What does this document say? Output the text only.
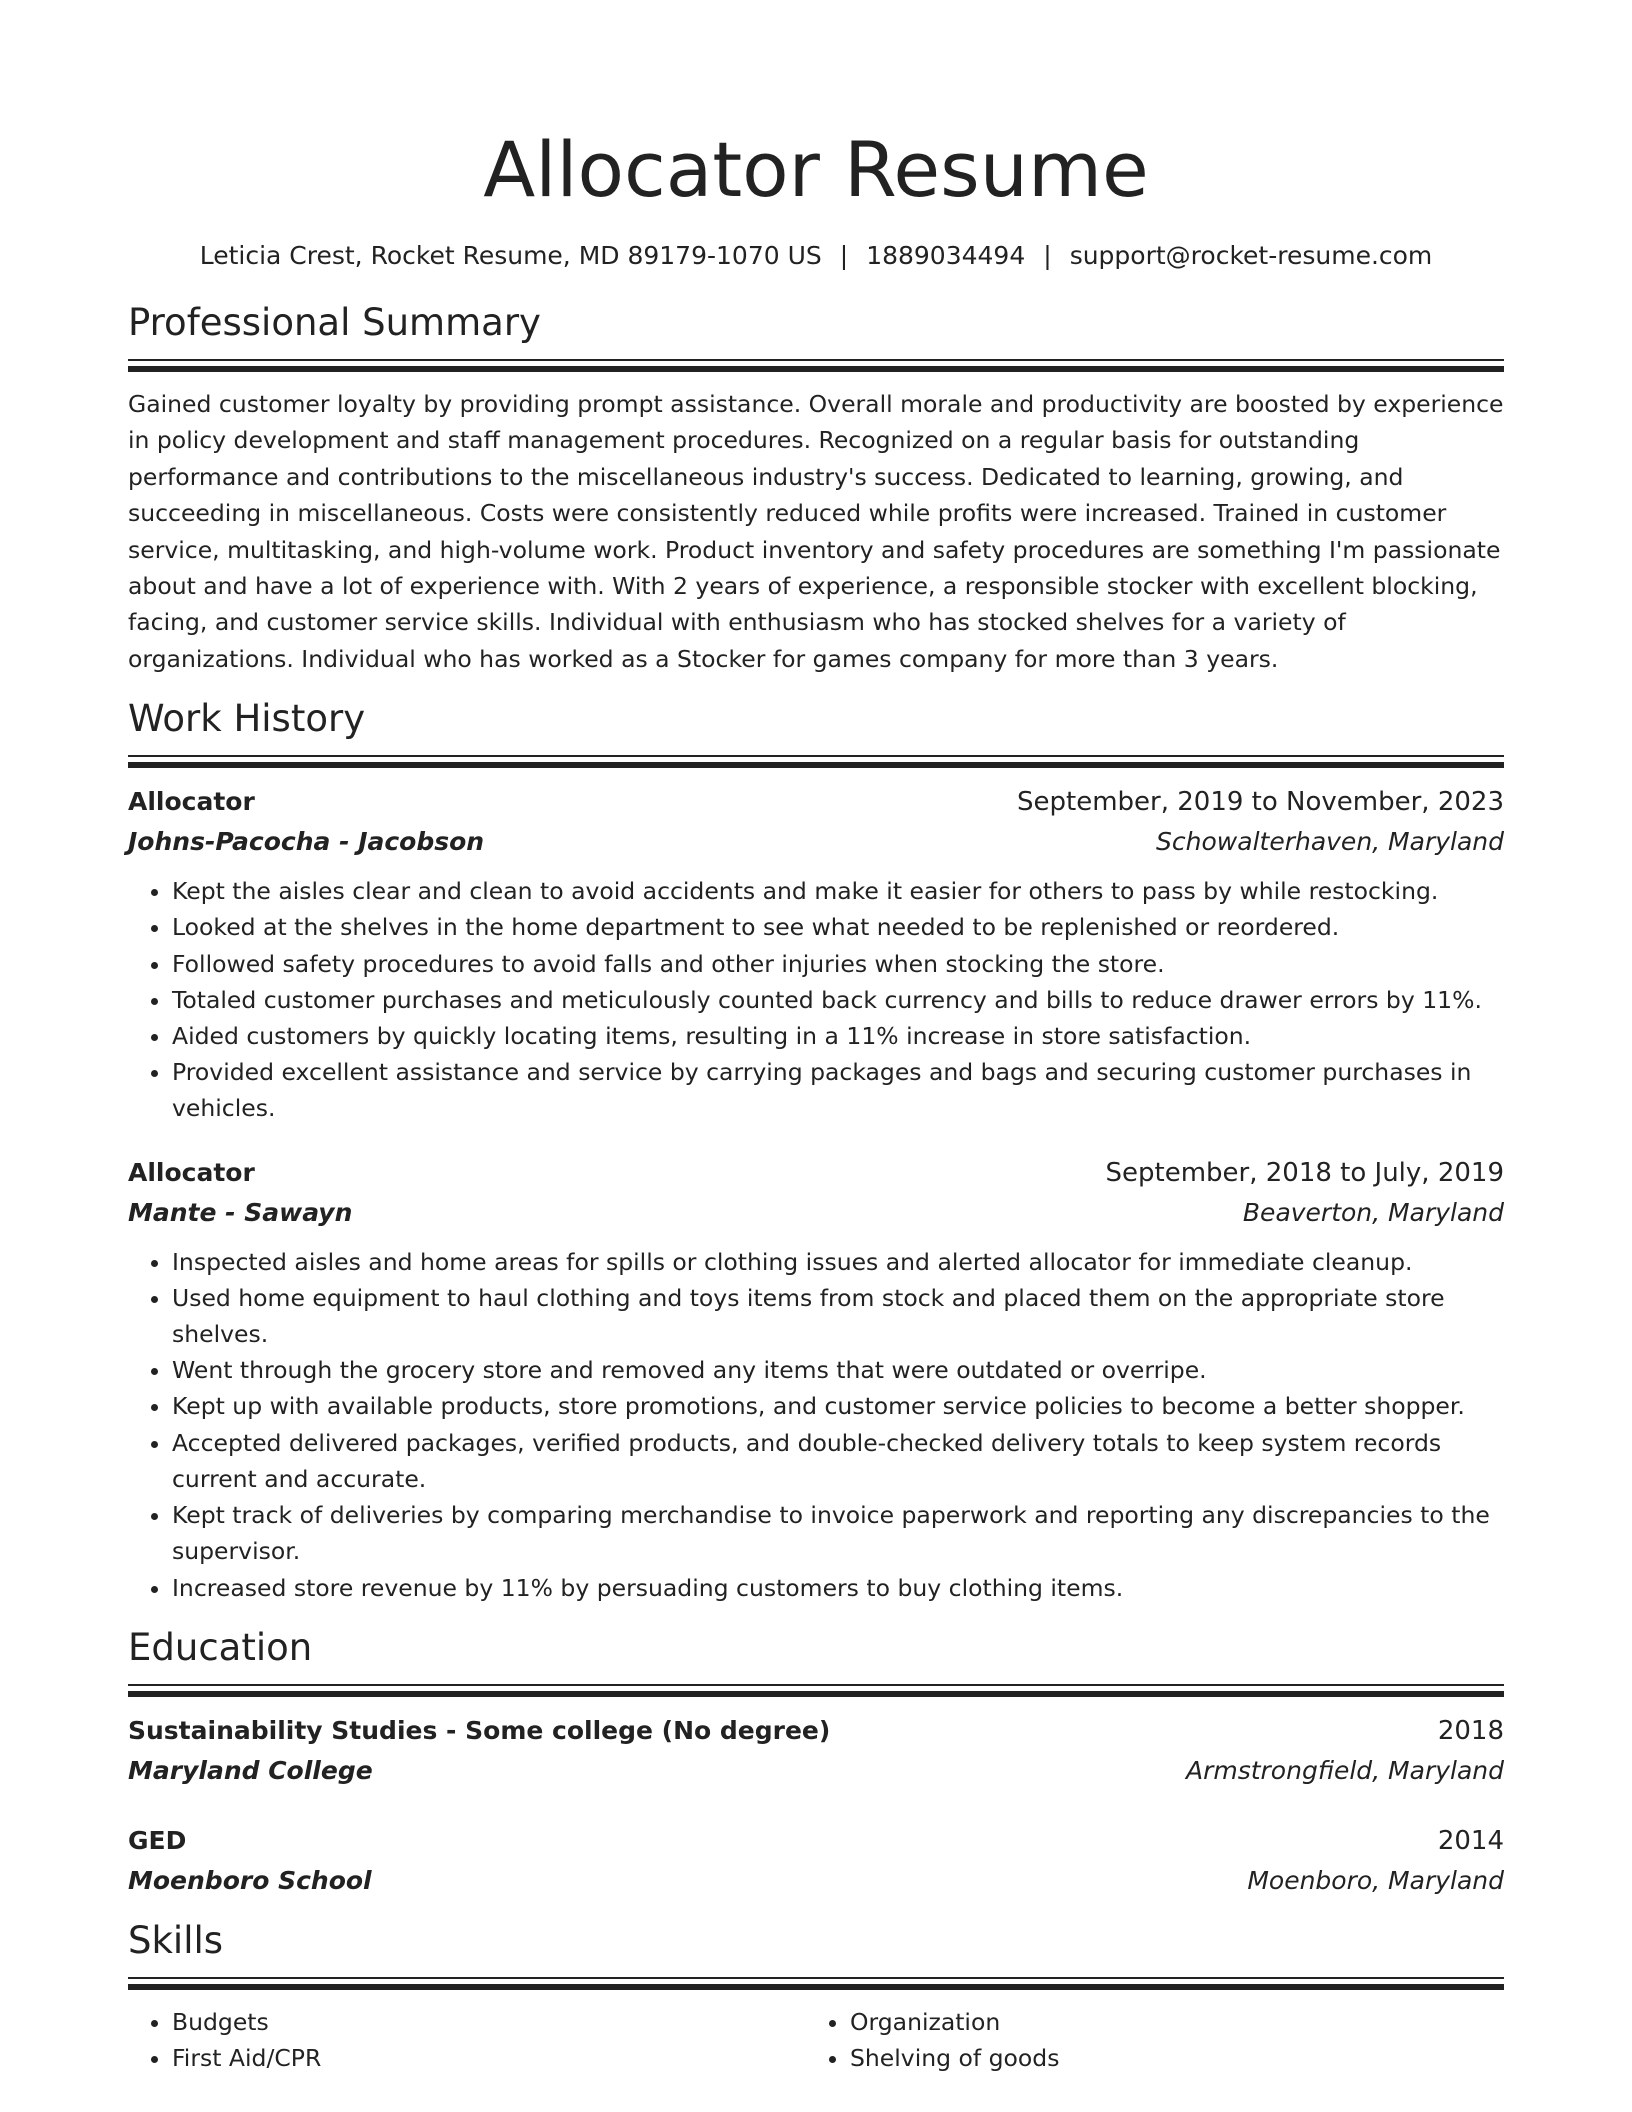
Allocator Resume
Leticia Crest, Rocket Resume, MD 89179-1070 US | 1889034494 | support@rocket-resume.com
Professional Summary
Gained customer loyalty by providing prompt assistance. Overall morale and productivity are boosted by experience in policy development and staff management procedures. Recognized on a regular basis for outstanding performance and contributions to the miscellaneous industry's success. Dedicated to learning, growing, and succeeding in miscellaneous. Costs were consistently reduced while profits were increased. Trained in customer service, multitasking, and high-volume work. Product inventory and safety procedures are something I'm passionate about and have a lot of experience with. With 2 years of experience, a responsible stocker with excellent blocking, facing, and customer service skills. Individual with enthusiasm who has stocked shelves for a variety of organizations. Individual who has worked as a Stocker for games company for more than 3 years.
Work History
Allocator	September, 2019 to November, 2023
Johns-Pacocha - Jacobson	Schowalterhaven, Maryland
• Kept the aisles clear and clean to avoid accidents and make it easier for others to pass by while restocking.
• Looked at the shelves in the home department to see what needed to be replenished or reordered.
• Followed safety procedures to avoid falls and other injuries when stocking the store.
• Totaled customer purchases and meticulously counted back currency and bills to reduce drawer errors by 11%.
• Aided customers by quickly locating items, resulting in a 11% increase in store satisfaction.
• Provided excellent assistance and service by carrying packages and bags and securing customer purchases in vehicles.
Allocator	September, 2018 to July, 2019
Mante - Sawayn	Beaverton, Maryland
• Inspected aisles and home areas for spills or clothing issues and alerted allocator for immediate cleanup.
• Used home equipment to haul clothing and toys items from stock and placed them on the appropriate store shelves.
• Went through the grocery store and removed any items that were outdated or overripe.
• Kept up with available products, store promotions, and customer service policies to become a better shopper.
• Accepted delivered packages, verified products, and double-checked delivery totals to keep system records current and accurate.
• Kept track of deliveries by comparing merchandise to invoice paperwork and reporting any discrepancies to the supervisor.
• Increased store revenue by 11% by persuading customers to buy clothing items.
Education
Sustainability Studies - Some college (No degree)	2018
Maryland College	Armstrongfield, Maryland
GED	2014
Moenboro School	Moenboro, Maryland
Skills
• Budgets
• First Aid/CPR
• Organization
• Shelving of goods
